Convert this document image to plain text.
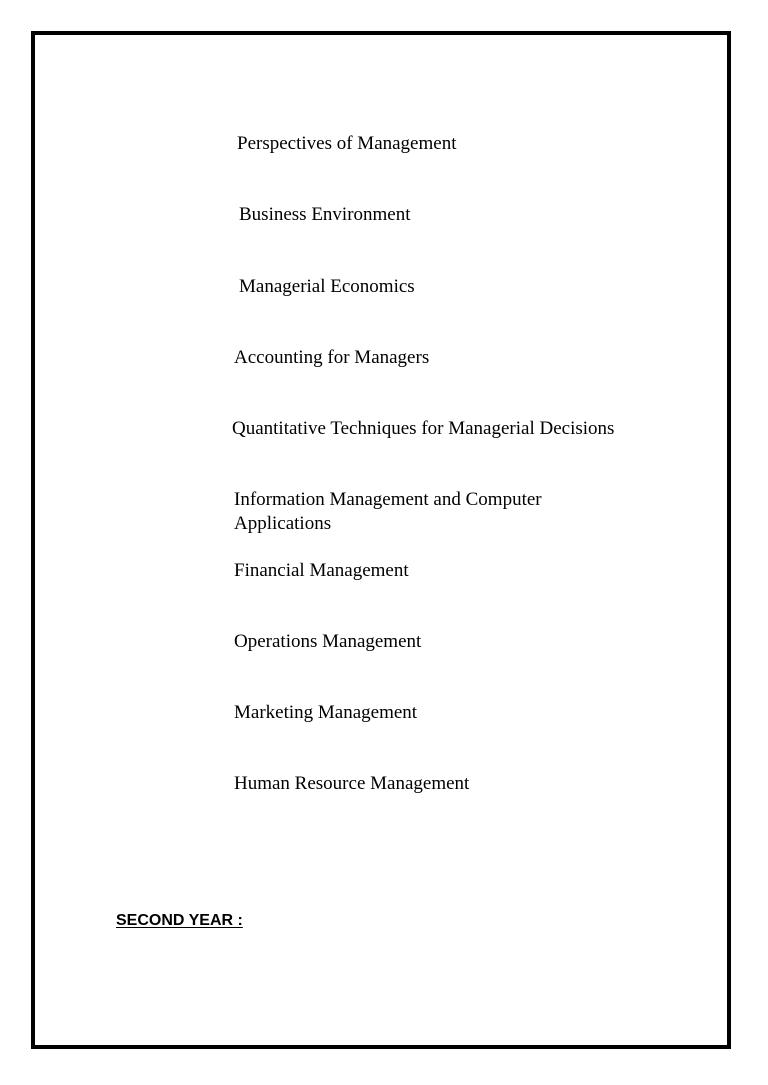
Perspectives of Management
Business Environment
Managerial Economics
Accounting for Managers
Quantitative Techniques for Managerial Decisions
Information Management and Computer Applications
Financial Management
Operations Management
Marketing Management
Human Resource Management
SECOND YEAR :
